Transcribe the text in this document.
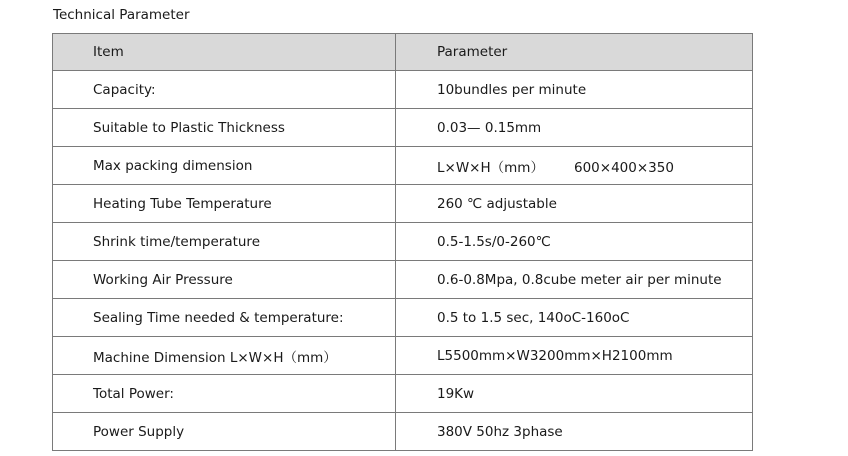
Technical Parameter
Item	Parameter
Capacity:	10bundles per minute
Suitable to Plastic Thickness	0.03— 0.15mm
Max packing dimension	L×W×H（mm）       600×400×350
Heating Tube Temperature	260 ℃ adjustable
Shrink time/temperature	0.5-1.5s/0-260℃
Working Air Pressure	0.6-0.8Mpa, 0.8cube meter air per minute
Sealing Time needed & temperature:	0.5 to 1.5 sec, 140oC-160oC
Machine Dimension L×W×H（mm）	L5500mm×W3200mm×H2100mm
Total Power:	19Kw
Power Supply	380V 50hz 3phase
